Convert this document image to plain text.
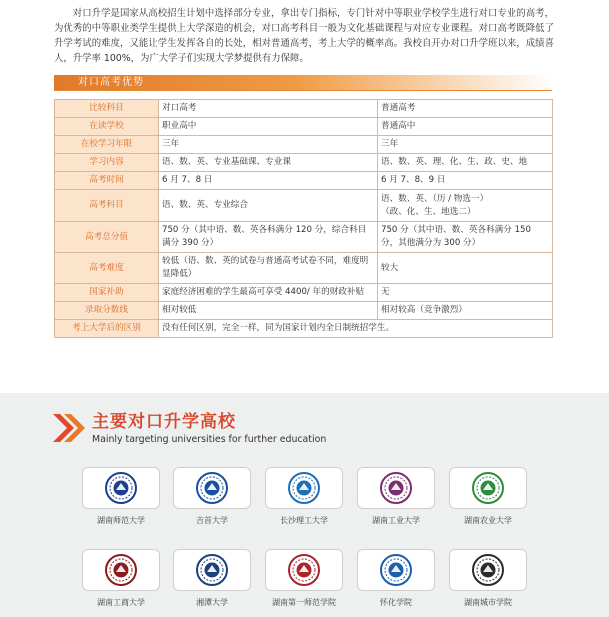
对口升学是国家从高校招生计划中选择部分专业，拿出专门指标，专门针对中等职业学校学生进行对口专业的高考，为优秀的中等职业类学生提供上大学深造的机会，对口高考科目一般为文化基础课程与对应专业课程。对口高考既降低了升学考试的难度，又能让学生发挥各自的长处，相对普通高考，考上大学的概率高。我校自开办对口升学班以来，成绩喜人，升学率 100%，为广大学子们实现大学梦提供有力保障。

对口高考优势
比较科目	对口高考	普通高考
在读学校	职业高中	普通高中
在校学习年限	三年	三年
学习内容	语、数、英、专业基础课、专业课	语、数、英、理、化、生、政、史、地
高考时间	6 月 7、8 日	6 月 7、8、9 日
高考科目	语、数、英、专业综合	语、数、英、（历 / 物选一）
（政、化、生、地选二）
高考总分值	750 分（其中语、数、英各科满分 120 分，综合科目满分 390 分）	750 分（其中语、数、英各科满分 150 分，其他满分为 300 分）
高考难度	较低（语、数、英的试卷与普通高考试卷不同，难度明显降低）	较大
国家补助	家庭经济困难的学生最高可享受 4400/ 年的财政补贴	无
录取分数线	相对较低	相对较高（竞争激烈）
考上大学后的区别	没有任何区别，完全一样，同为国家计划内全日制统招学生。	
主要对口升学高校
Mainly targeting universities for further education
湖南师范大学	吉首大学	长沙理工大学	湖南工业大学	湖南农业大学
湖南工商大学	湘潭大学	湖南第一师范学院	怀化学院	湖南城市学院
